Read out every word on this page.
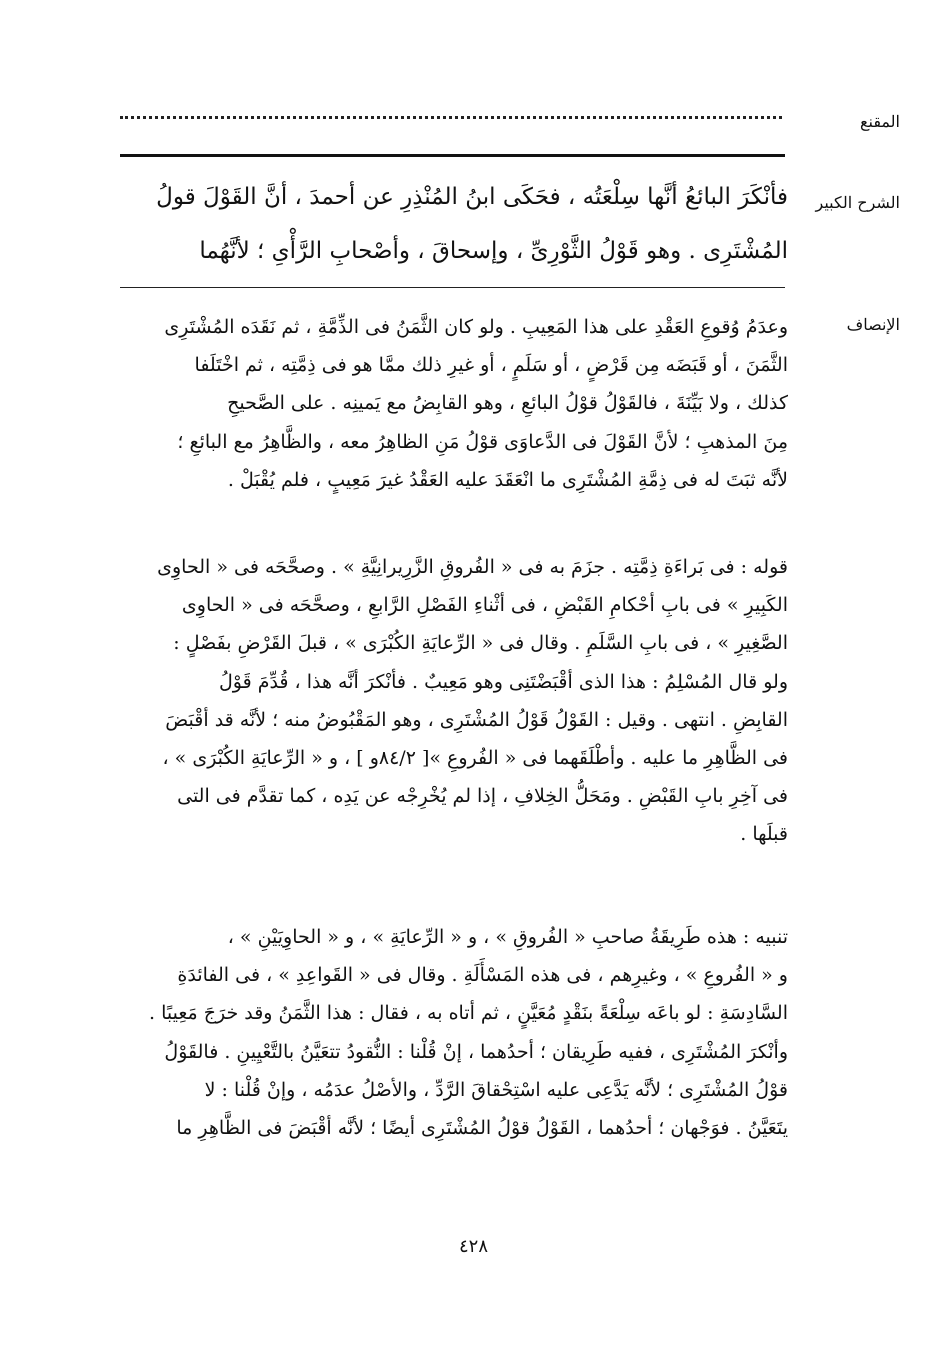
المقنع
الشرح الكبير
فأنْكَرَ البائعُ أنَّها سِلْعَتُه ، فحَكَى ابنُ المُنْذِرِ عن أحمدَ ، أنَّ القَوْلَ قولُ
المُشْتَرِى . وهو قَوْلُ الثَّوْرِىِّ ، وإسحاقَ ، وأصْحابِ الرَّأْىِ ؛ لأنَّهُما
الإنصاف
وعدَمُ وُقوعِ العَقْدِ على هذا المَعِيبِ . ولو كان الثَّمَنُ فى الذِّمَّةِ ، ثم نَقَدَه المُشْتَرِى
الثَّمَنَ ، أو قَبَضَه مِن قَرْضٍ ، أو سَلَمٍ ، أو غيرِ ذلك ممَّا هو فى ذِمَّتِه ، ثم اخْتَلَفا
كذلك ، ولا بَيِّنَةَ ، فالقَوْلُ قوْلُ البائعِ ، وهو القابِضُ مع يَمينِه . على الصَّحيحِ
مِنَ المذهبِ ؛ لأنَّ القَوْلَ فى الدَّعاوَى قوْلُ مَنِ الظاهِرُ معه ، والظَّاهِرُ مع البائعِ ؛
لأنَّه ثبَتَ له فى ذِمَّةِ المُشْتَرِى ما انْعَقَدَ عليه العَقْدُ غيرَ مَعِيبٍ ، فلم يُقْبَلْ .
قوله : فى بَراءَةِ ذِمَّتِه . جزَمَ به فى « الفُروقِ الزَّرِيرانِيَّةِ » . وصحَّحَه فى « الحاوِى
الكَبِيرِ » فى بابِ أحْكامِ القَبْضِ ، فى أثْناءِ الفَصْلِ الرَّابعِ ، وصحَّحَه فى « الحاوِى
الصَّغِيرِ » ، فى بابِ السَّلَمِ . وقال فى « الرِّعايَةِ الكُبْرَى » ، قبلَ القَرْضِ بفَصْلٍ :
ولو قال المُسْلِمُ : هذا الذى أقْبَضْتَنِى وهو مَعِيبٌ . فأنْكرَ أنَّه هذا ، قُدِّمَ قَوْلُ
القابِضِ . انتهى . وقيل : القَوْلُ قَوْلُ المُشْتَرِى ، وهو المَقْبُوضُ منه ؛ لأنَّه قد أقْبَضَ
فى الظَّاهِرِ ما عليه . وأطْلَقَهما فى « الفُروعِ »[ ٨٤/٢و ] ، و « الرِّعايَةِ الكُبْرَى » ،
فى آخِرِ بابِ القَبْضِ . ومَحَلُّ الخِلافِ ، إذا لم يُخْرِجْه عن يَدِه ، كما تقدَّم فى التى
قبلَها .
تنبيه : هذه طَرِيقَةُ صاحبِ « الفُروقِ » ، و « الرِّعايَةِ » ، و « الحاوِيَيْنِ » ،
و « الفُروعِ » ، وغيرِهم ، فى هذه المَسْأَلَةِ . وقال فى « القَواعِدِ » ، فى الفائدَةِ
السَّادِسَةِ : لو باعَه سِلْعَةً بنَقْدٍ مُعَيَّنٍ ، ثم أتاه به ، فقال : هذا الثَّمَنُ وقد خرَجَ مَعِيبًا .
وأنْكرَ المُشْتَرِى ، ففيه طَرِيقان ؛ أحدُهما ، إنْ قُلْنا : النُّقودُ تتعَيَّنُ بالتَّعْيِينِ . فالقَوْلُ
قوْلُ المُشْتَرِى ؛ لأنَّه يَدَّعِى عليه اسْتِحْقاقَ الرَّدِّ ، والأصْلُ عدَمُه ، وإنْ قُلْنا : لا
يتَعَيَّنُ . فوَجْهان ؛ أحدُهما ، القَوْلُ قوْلُ المُشْتَرِى أيضًا ؛ لأنَّه أقْبَضَ فى الظَّاهِرِ ما
٤٢٨
